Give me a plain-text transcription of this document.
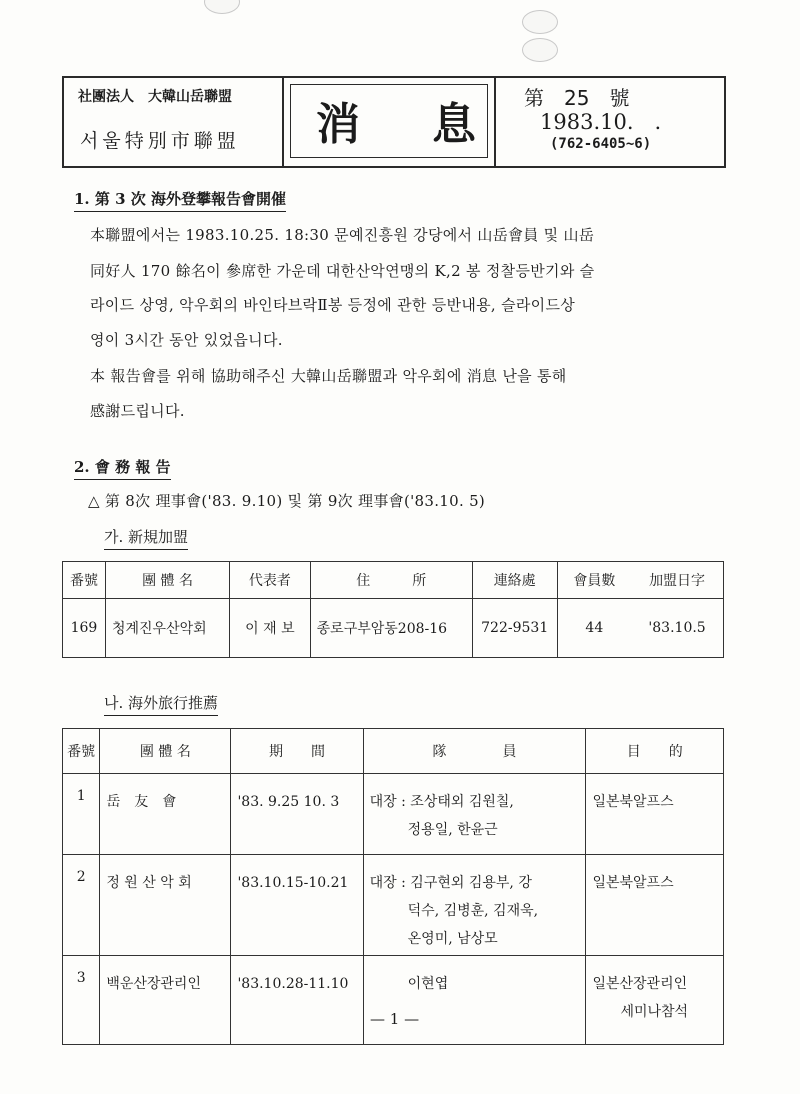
社團法人　大韓山岳聯盟
서울特別市聯盟 消　息
第　25　號
1983.10.　.
(762-6405~6)
1. 第 3 次 海外登攀報告會開催
本聯盟에서는 1983.10.25. 18:30 문예진흥원 강당에서 山岳會員 및 山岳
同好人 170 餘名이 參席한 가운데 대한산악연맹의 K,2 봉 정찰등반기와 슬
라이드 상영, 악우회의 바인타브락Ⅱ봉 등정에 관한 등반내용, 슬라이드상
영이 3시간 동안 있었읍니다.
本 報告會를 위해 協助해주신 大韓山岳聯盟과 악우회에 消息 난을 통해
感謝드립니다.
2. 會 務 報 告
△ 第 8次 理事會('83. 9.10) 및 第 9次 理事會('83.10. 5)
가. 新規加盟
番號	團 體 名	代表者	住　　　所	連絡處	會員數	加盟日字
169	청계진우산악회	이 재 보	종로구부암동208-16	722-9531	44	'83.10.5
나. 海外旅行推薦
番號	團 體 名	期　　間	隊　　　　員	目　　的
1	岳　友　會	'83. 9.25 10. 3	대장 : 조상태외 김원칠,
정용일, 한윤근	일본북알프스

2	정 원 산 악 회	'83.10.15-10.21	대장 : 김구현외 김용부, 강
덕수, 김병훈, 김재욱,
온영미, 남상모	일본북알프스

3	백운산장관리인	'83.10.28-11.10	이현엽	일본산장관리인
세미나참석
— 1 —
